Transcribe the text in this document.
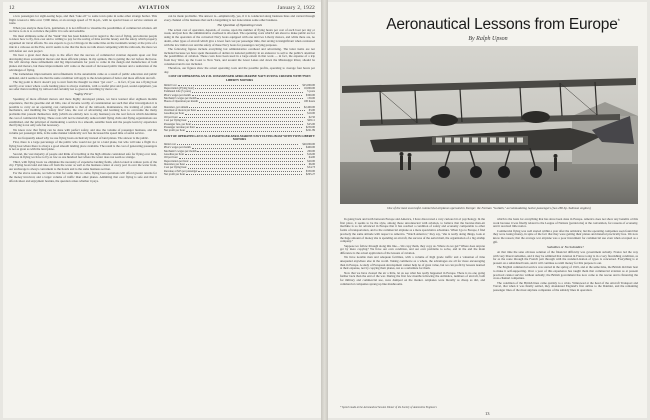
12	AVIATION	January 2, 1922

a few passengers for sight-seeing hops, and then "take off" to some town quite in some other strange harbor. This flight covered a little over 7,000 miles, at an average speed of 70 m.p.h., with no special bases or service stations en route.

When you analyze these facts, gentlemen, it is not difficult to visualize the possibilities of commercial aviation. All we have to do is to convince the public it is safe and sensible.

We must eliminate some of the "bunk" that has been handed out in regard to the cost of flying, and educate people to know how to fly, first-cost and to willing to pay for the saving of time and the luxury and the safety which property organized air travel affords. No one expects to go to Chicago in the same time on the twentieth century at the price of a ride in a caboose on the Erie, and it seems to me that the more we talk about competing with the railroads, the more we will defeat our own project.

We hear a great deal these days to the effect that the success of commercial aviation depends upon our first developing more economical motors and more efficient planes. In my opinion, this is getting the cart before the horse. We will develop these refinements and big improvements for years to come in the design and manufacture of both planes and motors, but these improvements will come as the result of increased public interest and a realization of the advantages of flying.

The tremendous improvements and refinements in the automobile came as a result of public education and public demand, and it seems to me that the same condition will apply to the development of better and more efficient aircraft.

The big point is that it doesn't pay to start from the thought we must "get over" — in fact, if you use a flying boat and fly over water where a safe landing place is always available, with a careful pilot and good, sound equipment, you are safer than travelling by railroad and certainly not so great as travelling by motor car.

"Safety First"

Speaking of more efficient motors and more highly developed planes, we have learned after eighteen months experience, that the gasoline and oil bills, rate of income worthy of consideration are such that after investigation it is possible to carry on an operating cost comparable to that of the railroads, maintenance, the training of pilots and mechanics, and instilling the "safety first" idea, the cost of advertising and learning how to overcome the many problems that present themselves daily (which are entirely new to any business) are the real factors which determine the cost of commercial flying. These costs will not be materially reduced until flying clubs and flying organizations are established, and the principal of maintaining a service in a smooth, sensible basis and the people learn by experience that flying is not only safe but necessary.

We know now that flying can be done with perfect safety, and also the volume of passenger business, and the volume per passenger mile, is the same manner identically as it has increased the speed time of aerial service.

We are frequently asked why we use flying boats exclusively instead of land planes. The answer is the public.

First, there is a large percentage of the public who would not get in a land plane, but who will take a flight in a flying boat where there is always a good smooth landing place available. The result is the cost of generating passengers is not as great as with the land plane.

Second, the vast majority of people and think of travelling at the high altitude considered safe for flying over land, whereas in flying we have to fly as low as one hundred feet where the water does not seem so strange.

Third, with flying boats we eliminate the necessity of expensive landing fields, often located at remote parts of the city. Flying boats land and take off from the water as well as the business center of every port in over the water front, our anchorage is always convenient to the hotels and to the same business section.

For the above reasons, we believe that for some time to come, flying boat operations will afford greater returns for the money involved, and a larger volume of traffic than other planes. Admitting that over flying is safe and that it affords sheer and enjoyment besides, the question arises whether it pays.

can be made profitable. The answer is—emphatically, yes, if it is conducted along business lines and carried through every channel of the business that such a bargaining is not done unless some other business.

The Question of Operating Costs

The actual cost of operation, depends, of course, upon the number of flying hours per cost of each boat per day or week, and just how the administrative overhead is allocated. The operating costs which I am about to make public are for using in the operation of the converted Navy boats equipped with one and two Liberty motors, and while there are, no doubt, other types of aircraft which give a lower fuel cost per passenger mile, that saving is insignificant when contrasted with the low initial cost and the safety of these Navy boats for passenger carrying purposes.

The following figures include everything but administrative overhead and advertising. The latter items are not included because we have spent thousands of dollars in national publicity in an endeavor to sell to the public's attention the possibilities of aviation. These costs have been used in a large extent in that work — in fact, the expense of a trip from Key West, up the Coast to New York, and around the Great Lakes and down the Mississippi River, should be considered and is not included.

Therefore, our figures show the actual operating costs and the possible profits, operating to average four hours per day.

COST OF OPERATING AN F-5L 10 PASSENGER AERO-MARINE NAVY FLYING CRUISER WITH TWIN LIBERTY MOTORS
Initial Cost	$25,000.00
Depreciation (Flying boat)	10,000.00
Estimated Life (5 years)	3 years
Pilot's wages per month	$300.00
Mechanic's wages per month	150.00
Hours of Operation per month	100 hours
Insurance, per annum	$2,400.00
Overhaul of motors per hour	$3.00
Gasoline per hour	$10.00
Oil per hour	$2.50
Cost per flying hour	$28.11
Passenger fare, per hour	$25.00
Passenger revenue per hour	$250.00
Net profit per hour	$221.89
COST OF OPERATING AN F-5L 14 PASSENGER AERO-MARINE NAVY FLYING BOAT WITH TWIN LIBERTY MOTORS
Initial cost	$40,000.00
Pilot's wages per month	$400.00
Mechanic's wages per month	200.00
Gasoline per hour	$16.00
Oil per hour	$4.00
Depreciation per hour	$20.00
Insurance per hour	$6.00
Cost per flying hour	$54.73
Revenue at $25 per passenger	$350.00
Net profit per hour	$295.27
Aeronautical Lessons from Europe*
By Ralph Upson
One of the most successful commercial airplanes operated in Europe: the Farman "Goliath," accommodating twelve passengers (two 260 hp. Salmson engines)

In going back and forth between Europe and America, I have discovered a very curious bit of psychology. In the first place, it seems to be the style, among those unconnected with aviation, to believe that the heavier-than-air machine is so far advanced in Europe that it has reached a condition of safety and economy comparable to other forms of transportation, and to the commercial airplane as a mere speculative adventure. When I go to Europe, I find precisely the same attitude with respect to America. "Watch America," they say, "she is really doing things, look at the huge amount of money she is spending on aircraft, the success of the aerial mail, the organization of a big airship company."

Suppose we follow through along this line.—We copy them, they copy us. Where do we get? Where does anyone get by mere copying? We have our own condition, and our own problems to solve, and in the end the main difference is the actual application of the lessons of aviation.

We have notable men and adequate facilities, with a volume of high grade traffic and a valuation of time unequaled anywhere else in the world. Taking commerce as a whole, the advantages are all for more encouraging than in Europe. A study of European development cannot help be of great value, but we can profit by lessons learned at their expense, not by copying their planes, not as a substitute for them.

Now that we have cleared the air a little, let us see what has really happened in Europe. There is no one going further back than the end of the war. During the first few months following the Armistice, numbers of aircraft, both for military and commercial use, were dumped on the market. Airplanes were literally as cheap as dirt, and commercial companies sprang up like mushrooms.

* Speech made at the Aeronautical Session Dinner of the Society of Automotive Engineers

which is the basis for everything that has since been done in Europe. America does not show any benefits of this work because it was finally related to the League of Nations (pardon me) at the convention, for reasons of economy, and it received little notice.

Commercial flying was well started within a year after the armistice; but the operating companies soon found that they were losing money, in spite of the fact that they were getting their planes and material practically free. We now know the reason; that the average war airplane was a poor investment for commercial use even when accepted as a gift.

Subsidies or No Subsidies?

At that time the sane obvious solution of the financial difficulty was government subsidy. France led the way with very liberal subsidies, and it may be admitted that aviation in France today is in a very flourishing condition, as far as the route through the French pair through with the standard-ization of types is concerned. Everything is at present on a subsidized basis, and it will continue so until money for this purpose is out.

The English commercial service was started in the spring of 1919, and at the same time, the British did their best to make it self-supporting. Over a year of this experience has taught them that commercial aviation as at present practiced cannot survive without subsidy; the British government has now come to the rescue and is financing the cross-channel companies.

The condition of the British lines came quickly to a crisis. Winnowed at the head of the Aircraft Transport and Travel, that when it was finally settled, they abandoned England's first airline to the Daimler, and the remaining passenger lines of the most airplane companies of the subsidy lines in operation.

13
